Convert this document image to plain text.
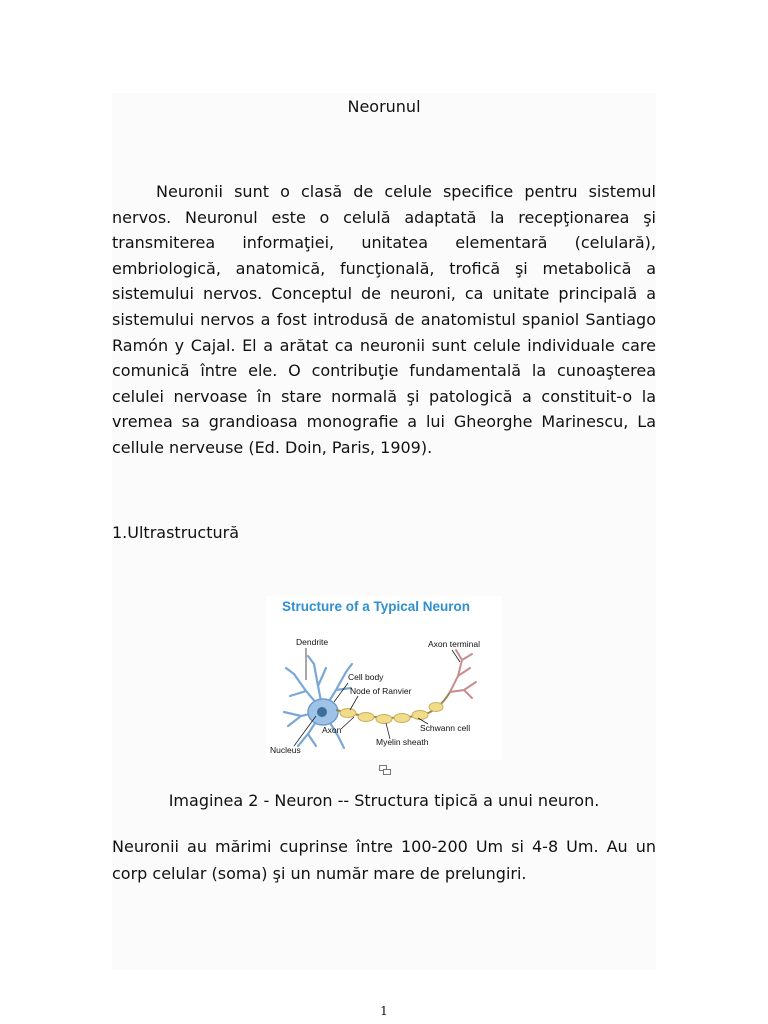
Neorunul

Neuronii sunt o clasă de celule specifice pentru sistemul nervos. Neuronul este o celulă adaptată la recepţionarea şi transmiterea informaţiei, unitatea elementară (celulară), embriologică, anatomică, funcţională, trofică şi metabolică a sistemului nervos. Conceptul de neuroni, ca unitate principală a sistemului nervos a fost introdusă de anatomistul spaniol Santiago Ramón y Cajal. El a arătat ca neuronii sunt celule individuale care comunică între ele. O contribuţie fundamentală la cunoaşterea celulei nervoase în stare normală şi patologică a constituit-o la vremea sa grandioasa monografie a lui Gheorghe Marinescu, La cellule nerveuse (Ed. Doin, Paris, 1909).

1.Ultrastructură
Structure of a Typical Neuron
Dendrite	Axon terminal
Cell body
Node of Ranvier
Axon	Schwann cell
Myelin sheath
Nucleus
Imaginea 2 - Neuron -- Structura tipică a unui neuron.

Neuronii au mărimi cuprinse între 100-200 Um si 4-8 Um. Au un corp celular (soma) şi un număr mare de prelungiri.

1
